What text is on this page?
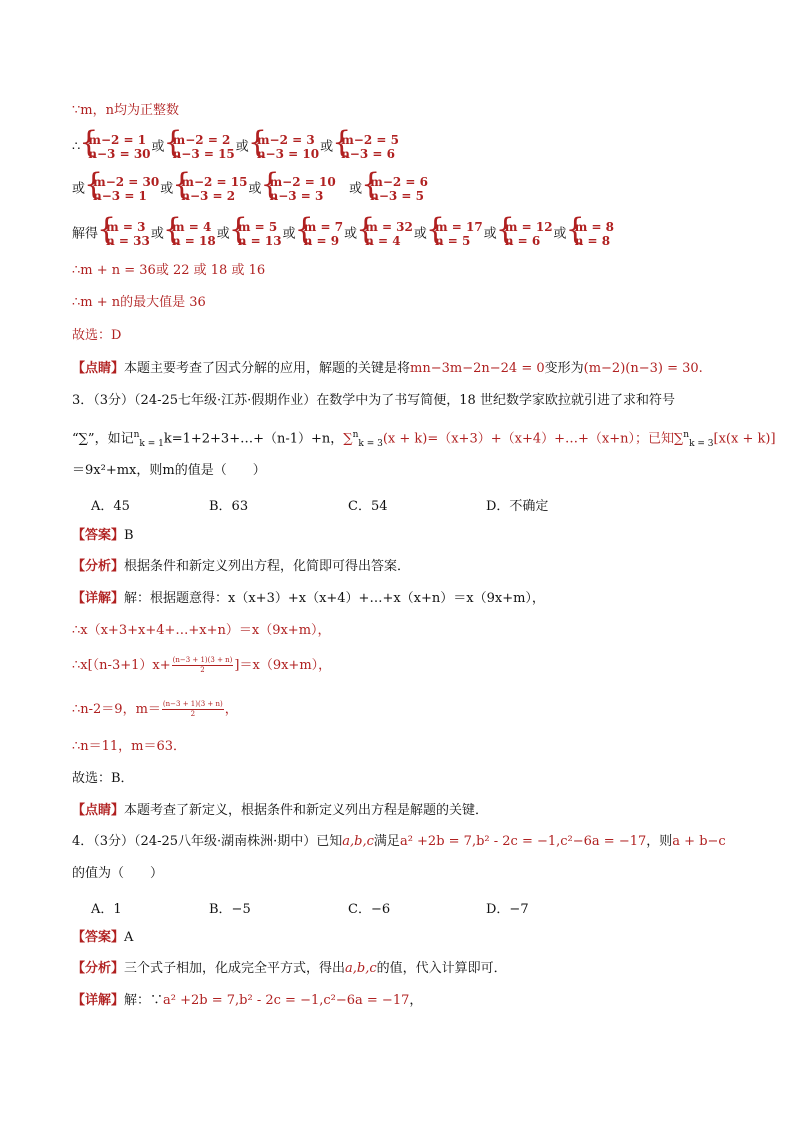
∵m，n均为正整数
∴ { m−2 = 1
n−3 = 30 或 { m−2 = 2
n−3 = 15 或 { m−2 = 3
n−3 = 10 或 { m−2 = 5
n−3 = 6
或 { m−2 = 30
n−3 = 1	或 { m−2 = 15
n−3 = 2	或 { m−2 = 10
n−3 = 3	或 { m−2 = 6
n−3 = 5
解得 { m = 3
n = 33 或 { m = 4
n = 18 或 { m = 5
n = 13 或 { m = 7
n = 9 或 { m = 32
n = 4	或 { m = 17
n = 5	或 { m = 12
n = 6	或 { m = 8
n = 8
∴m + n = 36或 22 或 18 或 16
∴m + n的最大值是 36
故选：D
【点睛】本题主要考查了因式分解的应用，解题的关键是将mn−3m−2n−24 = 0变形为(m−2)(n−3) = 30.
3．（3分）（24-25七年级·江苏·假期作业）在数学中为了书写简便，18 世纪数学家欧拉就引进了求和符号
“∑”，如记$^n_{k = 1}$k=1+2+3+…+（n-1）+n，∑$^n_{k = 3}$(x + k)=（x+3）+（x+4）+…+（x+n）；已知∑$^n_{k = 3}$[x(x + k)]
＝9x²+mx，则m的值是（　　）
A．45	B．63	C．54	D．不确定
【答案】B
【分析】根据条件和新定义列出方程，化简即可得出答案．
【详解】解：根据题意得：x（x+3）+x（x+4）+…+x（x+n）＝x（9x+m），
∴x（x+3+x+4+…+x+n）＝x（9x+m），
∴x[（n-3+1）x+ $\frac{(n-3 + 1)(3 + n)}{2} ]=x(9x+m)$，
∴n-2＝9，$m= \frac{(n-3 + 1)(3 + n)}{2}$ ，
∴n＝11，m＝63．
故选：B．
【点睛】本题考查了新定义，根据条件和新定义列出方程是解题的关键．
4．（3分）（24-25八年级·湖南株洲·期中）已知a,b,c满足a² +2b = 7,b² - 2c = −1,c²−6a = −17，则a + b−c
的值为（　　）
A．1	B．−5	C．−6	D．−7
【答案】A
【分析】三个式子相加，化成完全平方式，得出a,b,c的值，代入计算即可．
【详解】解：∵a² +2b = 7,b² - 2c = −1,c²−6a = −17，
